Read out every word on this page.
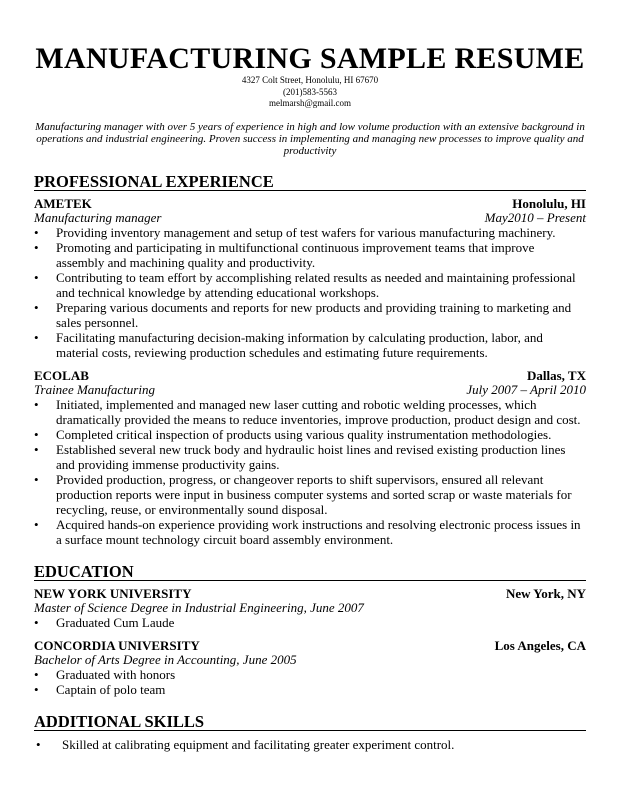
MANUFACTURING SAMPLE RESUME
4327 Colt Street, Honolulu, HI 67670
(201)583-5563
melmarsh@gmail.com

Manufacturing manager with over 5 years of experience in high and low volume production with an extensive background in operations and industrial engineering. Proven success in implementing and managing new processes to improve quality and productivity

PROFESSIONAL EXPERIENCE
AMETEK	Honolulu, HI
Manufacturing manager	May2010 – Present
• Providing inventory management and setup of test wafers for various manufacturing machinery.
• Promoting and participating in multifunctional continuous improvement teams that improve assembly and machining quality and productivity.
• Contributing to team effort by accomplishing related results as needed and maintaining professional and technical knowledge by attending educational workshops.
• Preparing various documents and reports for new products and providing training to marketing and sales personnel.
• Facilitating manufacturing decision-making information by calculating production, labor, and material costs, reviewing production schedules and estimating future requirements.
ECOLAB	Dallas, TX
Trainee Manufacturing	July 2007 – April 2010
• Initiated, implemented and managed new laser cutting and robotic welding processes, which dramatically provided the means to reduce inventories, improve production, product design and cost.
• Completed critical inspection of products using various quality instrumentation methodologies.
• Established several new truck body and hydraulic hoist lines and revised existing production lines and providing immense productivity gains.
• Provided production, progress, or changeover reports to shift supervisors, ensured all relevant production reports were input in business computer systems and sorted scrap or waste materials for recycling, reuse, or environmentally sound disposal.
• Acquired hands-on experience providing work instructions and resolving electronic process issues in a surface mount technology circuit board assembly environment.
EDUCATION
NEW YORK UNIVERSITY	New York, NY
Master of Science Degree in Industrial Engineering, June 2007
• Graduated Cum Laude
CONCORDIA UNIVERSITY	Los Angeles, CA
Bachelor of Arts Degree in Accounting, June 2005
• Graduated with honors
• Captain of polo team
ADDITIONAL SKILLS
• Skilled at calibrating equipment and facilitating greater experiment control.
